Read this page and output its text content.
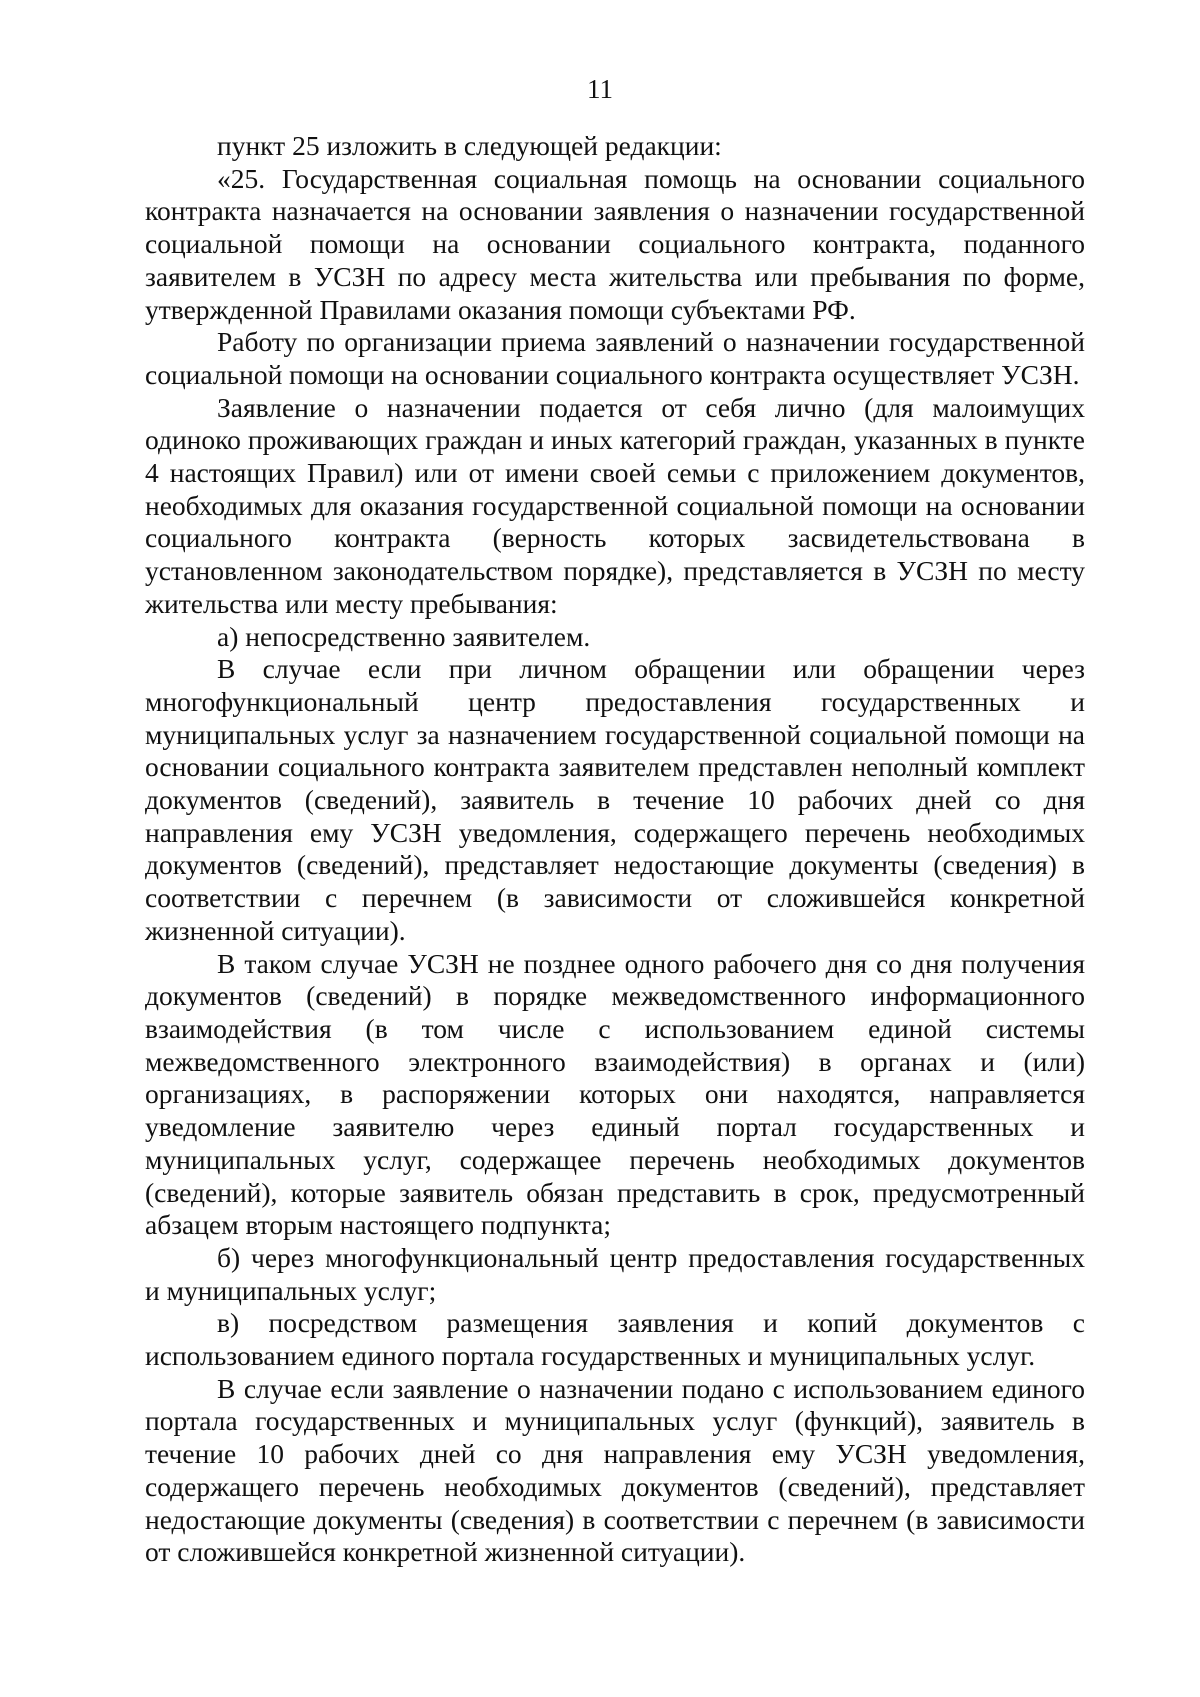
11

пункт 25 изложить в следующей редакции:

«25. Государственная социальная помощь на основании социального контракта назначается на основании заявления о назначении государственной социальной помощи на основании социального контракта, поданного заявителем в УСЗН по адресу места жительства или пребывания по форме, утвержденной Правилами оказания помощи субъектами РФ.

Работу по организации приема заявлений о назначении государственной социальной помощи на основании социального контракта осуществляет УСЗН.

Заявление о назначении подается от себя лично (для малоимущих одиноко проживающих граждан и иных категорий граждан, указанных в пункте 4 настоящих Правил) или от имени своей семьи с приложением документов, необходимых для оказания государственной социальной помощи на основании социального контракта (верность которых засвидетельствована в установленном законодательством порядке), представляется в УСЗН по месту жительства или месту пребывания:

а) непосредственно заявителем.

В случае если при личном обращении или обращении через многофункциональный центр предоставления государственных и муниципальных услуг за назначением государственной социальной помощи на основании социального контракта заявителем представлен неполный комплект документов (сведений), заявитель в течение 10 рабочих дней со дня направления ему УСЗН уведомления, содержащего перечень необходимых документов (сведений), представляет недостающие документы (сведения) в соответствии с перечнем (в зависимости от сложившейся конкретной жизненной ситуации).

В таком случае УСЗН не позднее одного рабочего дня со дня получения документов (сведений) в порядке межведомственного информационного взаимодействия (в том числе с использованием единой системы межведомственного электронного взаимодействия) в органах и (или) организациях, в распоряжении которых они находятся, направляется уведомление заявителю через единый портал государственных и муниципальных услуг, содержащее перечень необходимых документов (сведений), которые заявитель обязан представить в срок, предусмотренный абзацем вторым настоящего подпункта;

б) через многофункциональный центр предоставления государственных и муниципальных услуг;

в) посредством размещения заявления и копий документов с использованием единого портала государственных и муниципальных услуг.

В случае если заявление о назначении подано с использованием единого портала государственных и муниципальных услуг (функций), заявитель в течение 10 рабочих дней со дня направления ему УСЗН уведомления, содержащего перечень необходимых документов (сведений), представляет недостающие документы (сведения) в соответствии с перечнем (в зависимости от сложившейся конкретной жизненной ситуации).
